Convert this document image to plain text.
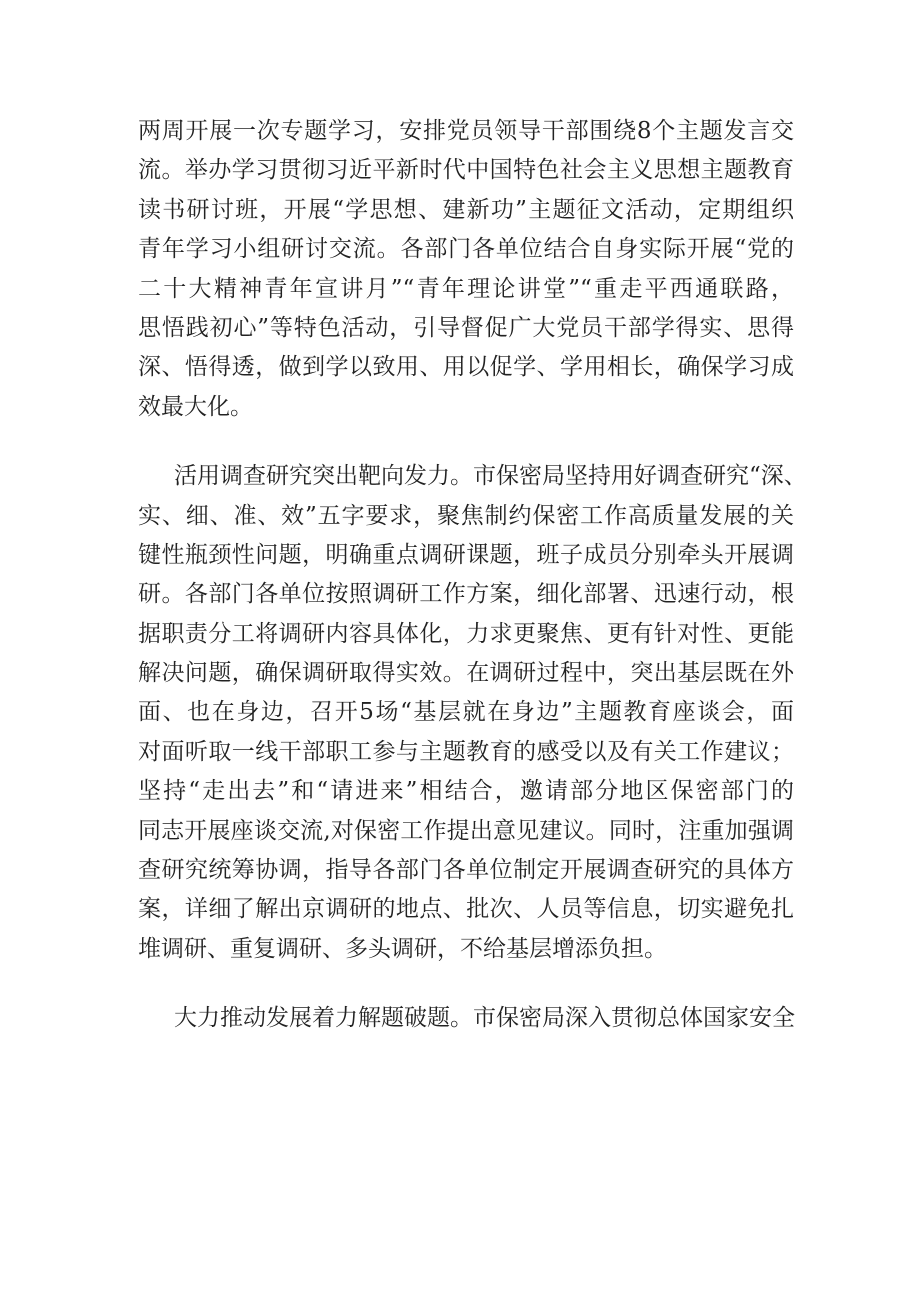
两周开展一次专题学习，安排党员领导干部围绕8个主题发言交
流。举办学习贯彻习近平新时代中国特色社会主义思想主题教育
读书研讨班，开展“学思想、建新功”主题征文活动，定期组织
青年学习小组研讨交流。各部门各单位结合自身实际开展“党的
二十大精神青年宣讲月”“青年理论讲堂”“重走平西通联路，
思悟践初心”等特色活动，引导督促广大党员干部学得实、思得
深、悟得透，做到学以致用、用以促学、学用相长，确保学习成
效最大化。
活用调查研究突出靶向发力。市保密局坚持用好调查研究“深、
实、细、准、效”五字要求，聚焦制约保密工作高质量发展的关
键性瓶颈性问题，明确重点调研课题，班子成员分别牵头开展调
研。各部门各单位按照调研工作方案，细化部署、迅速行动，根
据职责分工将调研内容具体化，力求更聚焦、更有针对性、更能
解决问题，确保调研取得实效。在调研过程中，突出基层既在外
面、也在身边，召开5场“基层就在身边”主题教育座谈会，面
对面听取一线干部职工参与主题教育的感受以及有关工作建议；
坚持“走出去”和“请进来”相结合，邀请部分地区保密部门的
同志开展座谈交流,对保密工作提出意见建议。同时，注重加强调
查研究统筹协调，指导各部门各单位制定开展调查研究的具体方
案，详细了解出京调研的地点、批次、人员等信息，切实避免扎
堆调研、重复调研、多头调研，不给基层增添负担。
大力推动发展着力解题破题。市保密局深入贯彻总体国家安全
